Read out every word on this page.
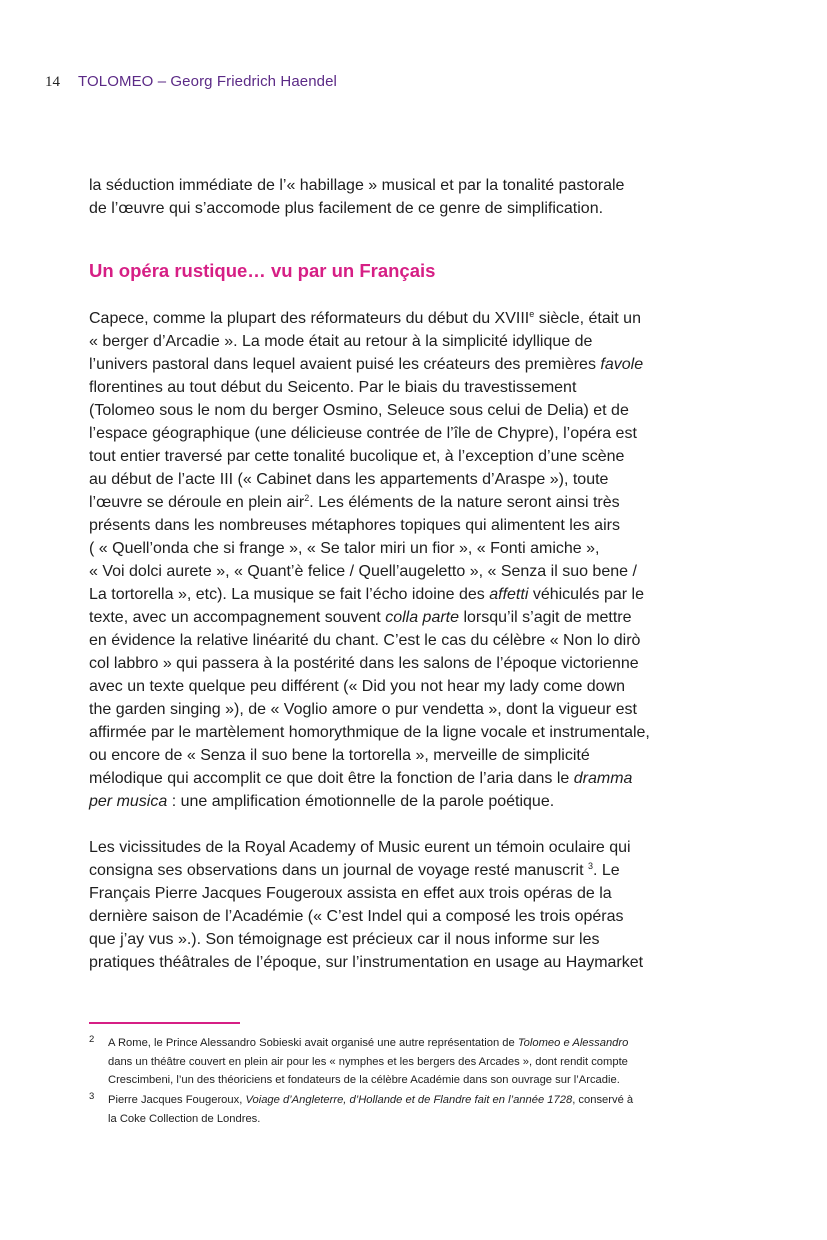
14 TOLOMEO – Georg Friedrich Haendel
la séduction immédiate de l’« habillage » musical et par la tonalité pastorale
de l’œuvre qui s’accomode plus facilement de ce genre de simplification.
Un opéra rustique… vu par un Français

Capece, comme la plupart des réformateurs du début du XVIIIe siècle, était un
« berger d’Arcadie ». La mode était au retour à la simplicité idyllique de
l’univers pastoral dans lequel avaient puisé les créateurs des premières favole
florentines au tout début du Seicento. Par le biais du travestissement
(Tolomeo sous le nom du berger Osmino, Seleuce sous celui de Delia) et de
l’espace géographique (une délicieuse contrée de l’île de Chypre), l’opéra est
tout entier traversé par cette tonalité bucolique et, à l’exception d’une scène
au début de l’acte III (« Cabinet dans les appartements d’Araspe »), toute
l’œuvre se déroule en plein air$^2$. Les éléments de la nature seront ainsi très
présents dans les nombreuses métaphores topiques qui alimentent les airs
( « Quell’onda che si frange », « Se talor miri un fior », « Fonti amiche »,
« Voi dolci aurete », « Quant’è felice / Quell’augeletto », « Senza il suo bene /
La tortorella », etc). La musique se fait l’écho idoine des affetti véhiculés par le
texte, avec un accompagnement souvent colla parte lorsqu’il s’agit de mettre
en évidence la relative linéarité du chant. C’est le cas du célèbre « Non lo dirò
col labbro » qui passera à la postérité dans les salons de l’époque victorienne
avec un texte quelque peu différent (« Did you not hear my lady come down
the garden singing »), de « Voglio amore o pur vendetta », dont la vigueur est
affirmée par le martèlement homorythmique de la ligne vocale et instrumentale,
ou encore de « Senza il suo bene la tortorella », merveille de simplicité
mélodique qui accomplit ce que doit être la fonction de l’aria dans le dramma
per musica : une amplification émotionnelle de la parole poétique.

Les vicissitudes de la Royal Academy of Music eurent un témoin oculaire qui
consigna ses observations dans un journal de voyage resté manuscrit $^3$. Le
Français Pierre Jacques Fougeroux assista en effet aux trois opéras de la
dernière saison de l’Académie (« C’est Indel qui a composé les trois opéras
que j’ay vus ».). Son témoignage est précieux car il nous informe sur les
pratiques théâtrales de l’époque, sur l’instrumentation en usage au Haymarket

2 A Rome, le Prince Alessandro Sobieski avait organisé une autre représentation de Tolomeo e Alessandro
dans un théâtre couvert en plein air pour les « nymphes et les bergers des Arcades », dont rendit compte
Crescimbeni, l’un des théoriciens et fondateurs de la célèbre Académie dans son ouvrage sur l’Arcadie.
3 Pierre Jacques Fougeroux, Voiage d’Angleterre, d’Hollande et de Flandre fait en l’année 1728, conservé à
la Coke Collection de Londres.
